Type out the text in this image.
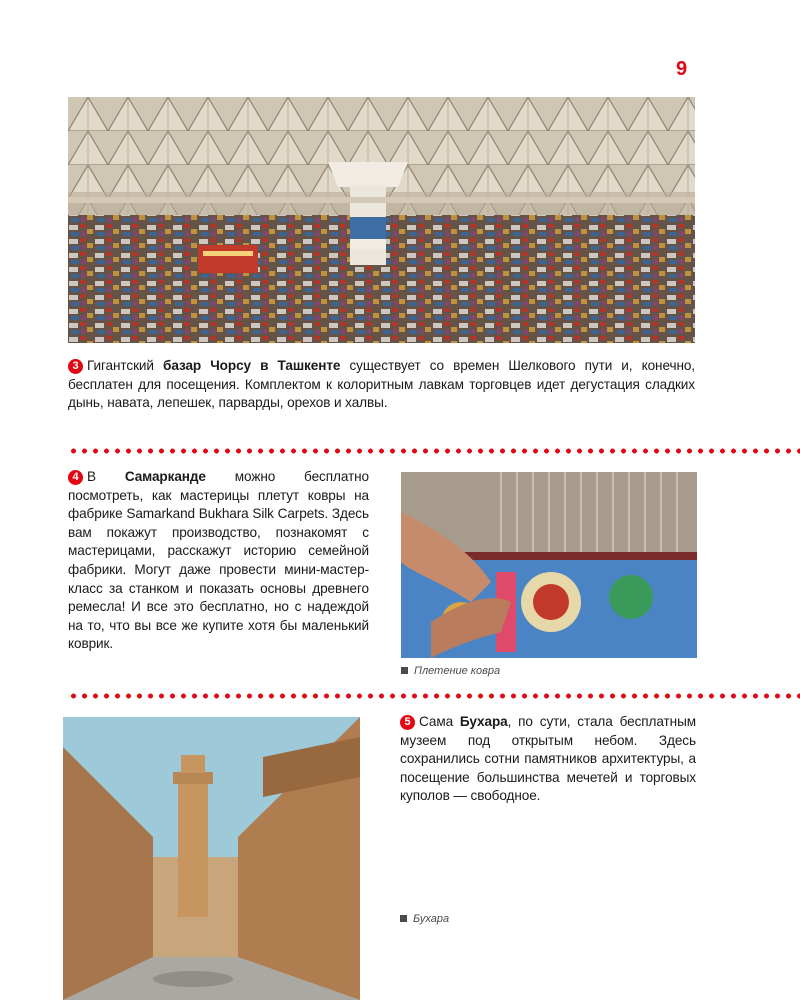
9

3 Гигантский базар Чорсу в Ташкенте существует со времен Шелкового пути и, конечно, бесплатен для посещения. Комплектом к колоритным лавкам торговцев идет дегустация сладких дынь, навата, лепешек, парварды, орехов и халвы.

4 В Самарканде можно бесплатно посмотреть, как мастерицы плетут ковры на фабрике Samarkand Bukhara Silk Carpets. Здесь вам покажут производство, познакомят с мастерицами, расскажут историю семейной фабрики. Могут даже провести мини-мастер-класс за станком и показать основы древнего ремесла! И все это бесплатно, но с надеждой на то, что вы все же купите хотя бы маленький коврик.

Плетение ковра

5 Сама Бухара, по сути, стала бесплатным музеем под открытым небом. Здесь сохранились сотни памятников архитектуры, а посещение большинства мечетей и торговых куполов — свободное.

Бухара
